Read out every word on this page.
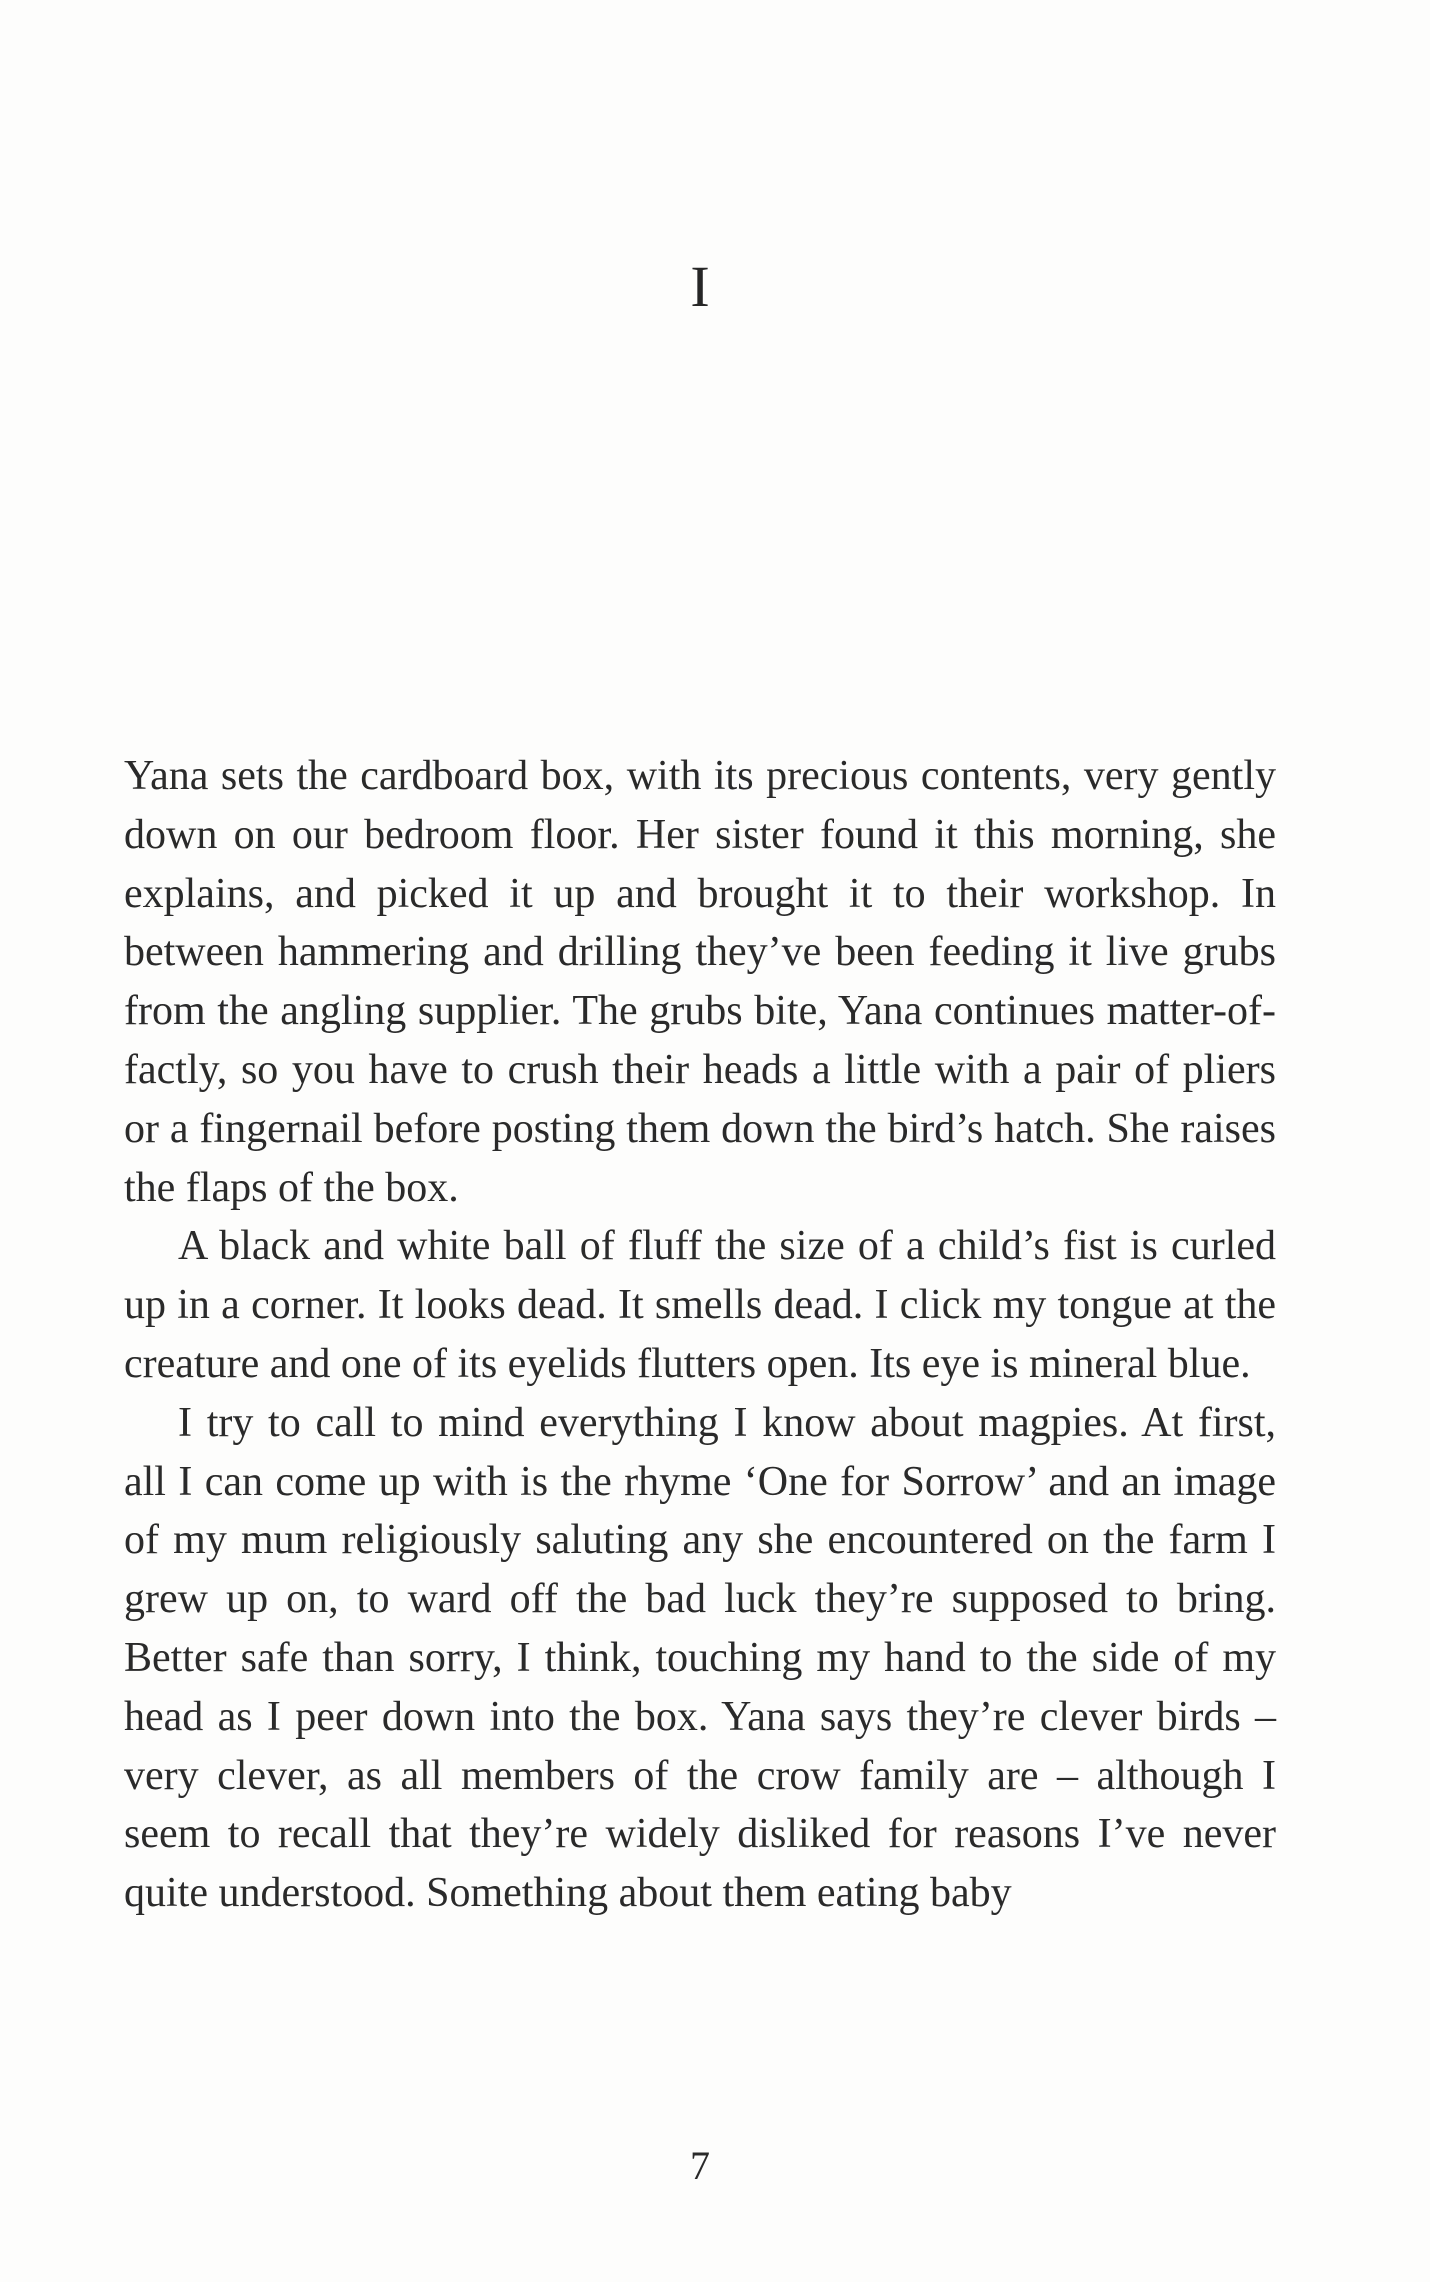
I

Yana sets the cardboard box, with its precious contents, very gently down on our bedroom floor. Her sister found it this morning, she explains, and picked it up and brought it to their workshop. In between hammering and drilling they’ve been feeding it live grubs from the angling supplier. The grubs bite, Yana continues matter-of-factly, so you have to crush their heads a little with a pair of pliers or a fingernail before posting them down the bird’s hatch. She raises the flaps of the box.

A black and white ball of fluff the size of a child’s fist is curled up in a corner. It looks dead. It smells dead. I click my tongue at the creature and one of its eyelids flutters open. Its eye is mineral blue.

I try to call to mind everything I know about magpies. At first, all I can come up with is the rhyme ‘One for Sorrow’ and an image of my mum religiously saluting any she encountered on the farm I grew up on, to ward off the bad luck they’re supposed to bring. Better safe than sorry, I think, touching my hand to the side of my head as I peer down into the box. Yana says they’re clever birds – very clever, as all members of the crow family are – although I seem to recall that they’re widely disliked for reasons I’ve never quite understood. Something about them eating baby

7
